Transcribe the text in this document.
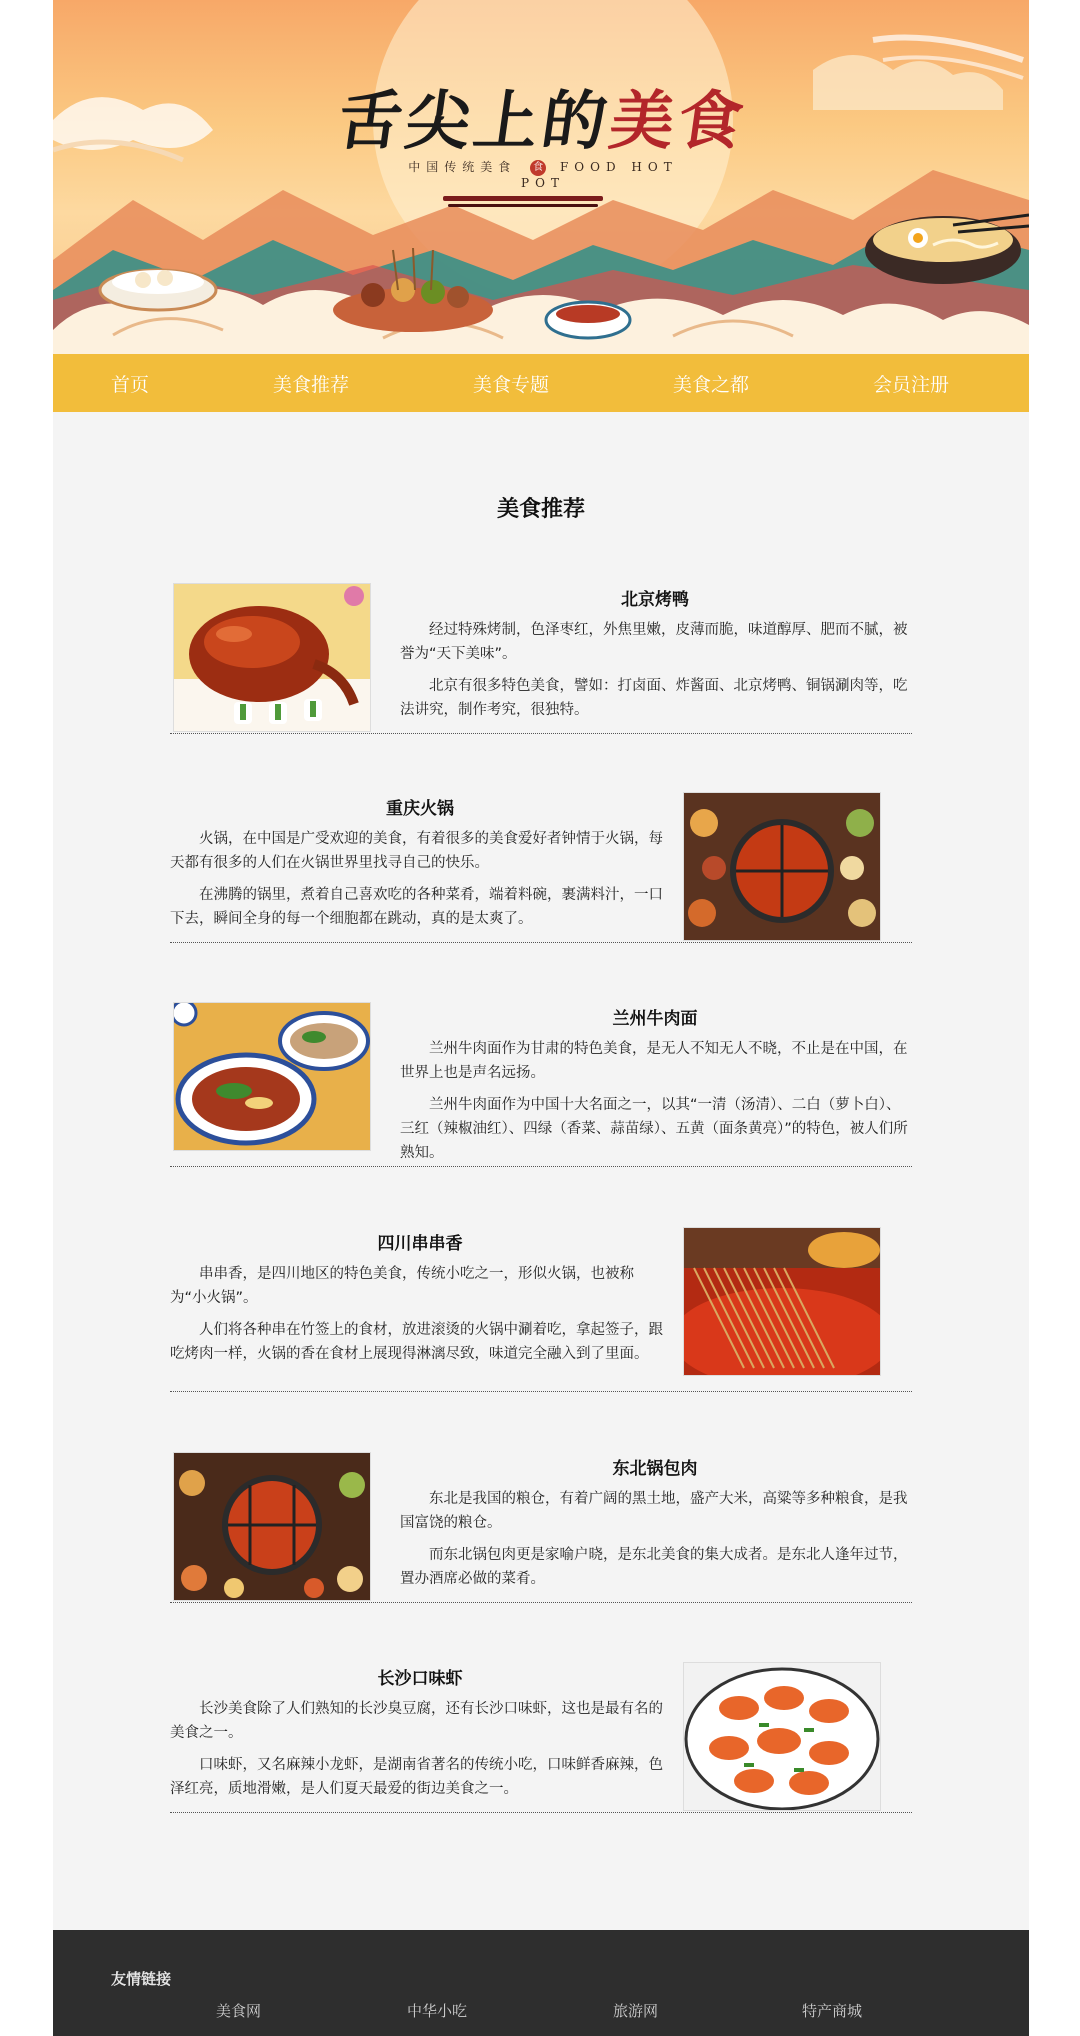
舌尖上的美食
中国传统美食 食 FOOD HOT POT
首页	美食推荐	美食专题	美食之都	会员注册
美食推荐
北京烤鸭

经过特殊烤制，色泽枣红，外焦里嫩，皮薄而脆，味道醇厚、肥而不腻，被誉为“天下美味”。

北京有很多特色美食，譬如：打卤面、炸酱面、北京烤鸭、铜锅涮肉等，吃法讲究，制作考究，很独特。

重庆火锅

火锅，在中国是广受欢迎的美食，有着很多的美食爱好者钟情于火锅，每天都有很多的人们在火锅世界里找寻自己的快乐。

在沸腾的锅里，煮着自己喜欢吃的各种菜肴，端着料碗，裹满料汁，一口下去，瞬间全身的每一个细胞都在跳动，真的是太爽了。

兰州牛肉面

兰州牛肉面作为甘肃的特色美食，是无人不知无人不晓，不止是在中国，在世界上也是声名远扬。

兰州牛肉面作为中国十大名面之一，以其“一清（汤清）、二白（萝卜白）、三红（辣椒油红）、四绿（香菜、蒜苗绿）、五黄（面条黄亮）”的特色，被人们所熟知。

四川串串香

串串香，是四川地区的特色美食，传统小吃之一，形似火锅，也被称为“小火锅”。

人们将各种串在竹签上的食材，放进滚烫的火锅中涮着吃，拿起签子，跟吃烤肉一样，火锅的香在食材上展现得淋漓尽致，味道完全融入到了里面。

东北锅包肉

东北是我国的粮仓，有着广阔的黑土地，盛产大米，高粱等多种粮食，是我国富饶的粮仓。

而东北锅包肉更是家喻户晓，是东北美食的集大成者。是东北人逢年过节，置办酒席必做的菜肴。

长沙口味虾

长沙美食除了人们熟知的长沙臭豆腐，还有长沙口味虾，这也是最有名的美食之一。

口味虾，又名麻辣小龙虾，是湖南省著名的传统小吃，口味鲜香麻辣，色泽红亮，质地滑嫩，是人们夏天最爱的街边美食之一。

友情链接
美食网	中华小吃	旅游网	特产商城
